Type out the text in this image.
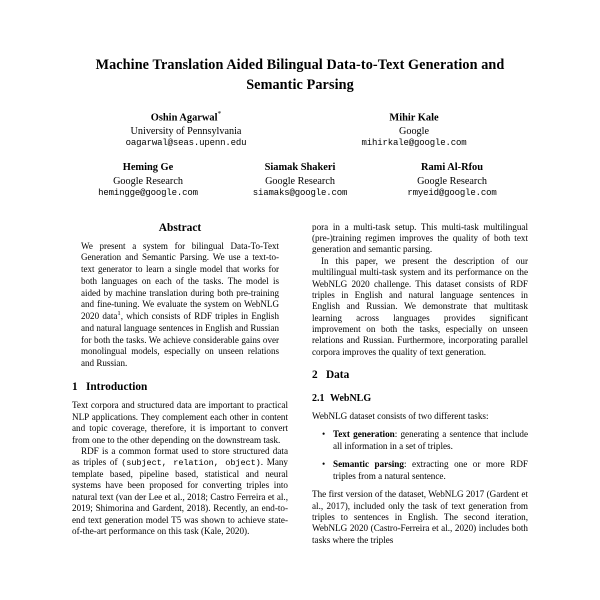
Machine Translation Aided Bilingual Data-to-Text Generation and Semantic Parsing
Oshin Agarwal*
University of Pennsylvania
oagarwal@seas.upenn.edu
Mihir Kale
Google
mihirkale@google.com
Heming Ge
Google Research
hemingge@google.com
Siamak Shakeri
Google Research
siamaks@google.com
Rami Al-Rfou
Google Research
rmyeid@google.com
Abstract

We present a system for bilingual Data-To-Text Generation and Semantic Parsing. We use a text-to-text generator to learn a single model that works for both languages on each of the tasks. The model is aided by machine translation during both pre-training and fine-tuning. We evaluate the system on WebNLG 2020 data$^1$, which consists of RDF triples in English and natural language sentences in English and Russian for both the tasks. We achieve considerable gains over monolingual models, especially on unseen relations and Russian.

1 Introduction

Text corpora and structured data are important to practical NLP applications. They complement each other in content and topic coverage, therefore, it is important to convert from one to the other depending on the downstream task.

RDF is a common format used to store structured data as triples of (subject, relation, object). Many template based, pipeline based, statistical and neural systems have been proposed for converting triples into natural text (van der Lee et al., 2018; Castro Ferreira et al., 2019; Shimorina and Gardent, 2018). Recently, an end-to-end text generation model T5 was shown to achieve state-of-the-art performance on this task (Kale, 2020).

pora in a multi-task setup. This multi-task multilingual (pre-)training regimen improves the quality of both text generation and semantic parsing.

In this paper, we present the description of our multilingual multi-task system and its performance on the WebNLG 2020 challenge. This dataset consists of RDF triples in English and natural language sentences in English and Russian. We demonstrate that multitask learning across languages provides significant improvement on both the tasks, especially on unseen relations and Russian. Furthermore, incorporating parallel corpora improves the quality of text generation.

2 Data
2.1 WebNLG

WebNLG dataset consists of two different tasks:

• Text generation: generating a sentence that include all information in a set of triples.
• Semantic parsing: extracting one or more RDF triples from a natural sentence.

The first version of the dataset, WebNLG 2017 (Gardent et al., 2017), included only the task of text generation from triples to sentences in English. The second iteration, WebNLG 2020 (Castro-Ferreira et al., 2020) includes both tasks where the triples
